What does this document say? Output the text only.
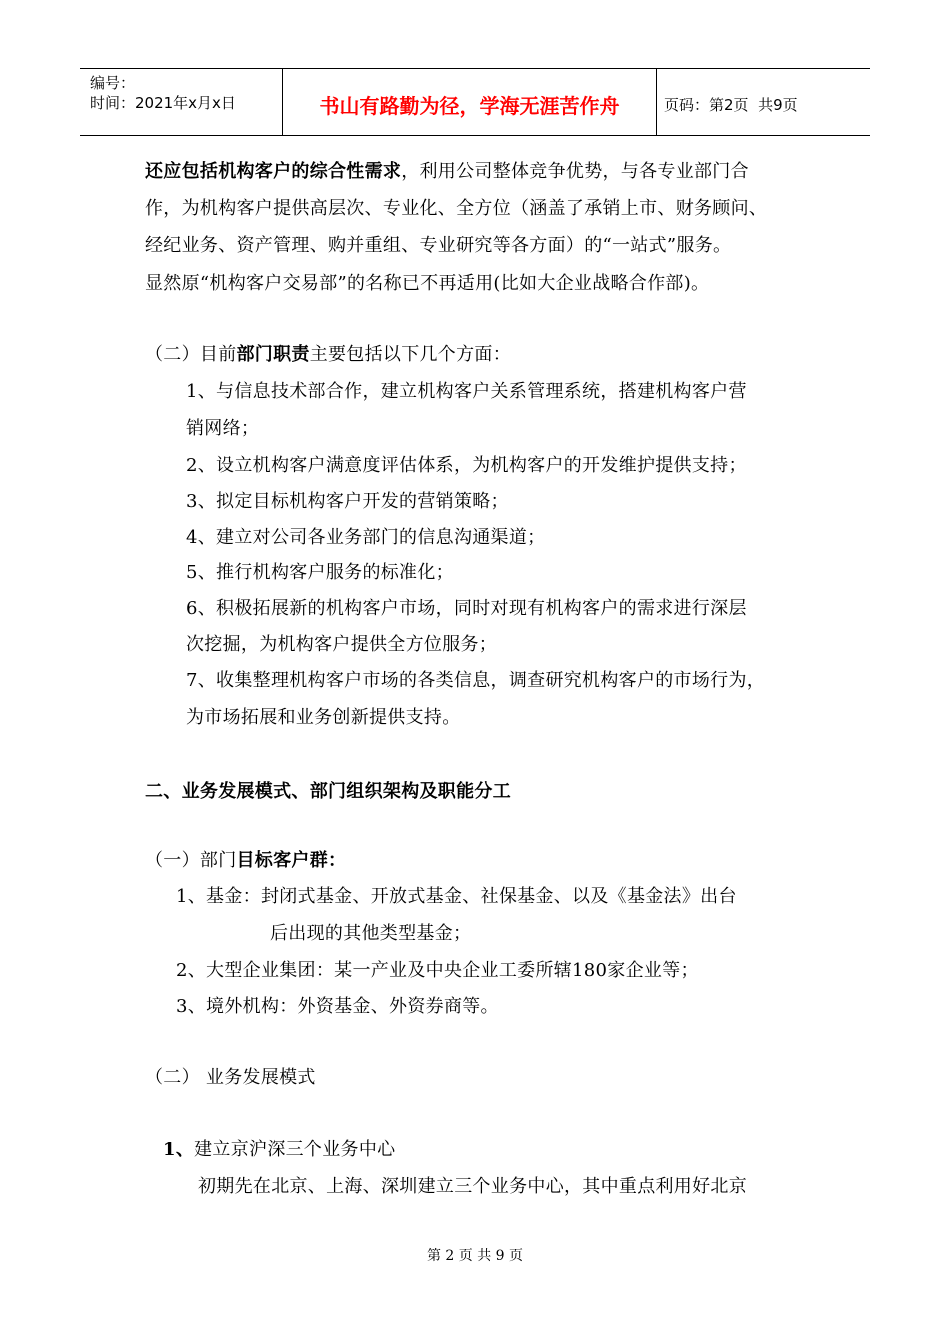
编号：
时间：2021年x月x日	书山有路勤为径，学海无涯苦作舟	页码：第2页  共9页
还应包括机构客户的综合性需求，利用公司整体竞争优势，与各专业部门合
作，为机构客户提供高层次、专业化、全方位（涵盖了承销上市、财务顾问、
经纪业务、资产管理、购并重组、专业研究等各方面）的“一站式”服务。
显然原“机构客户交易部”的名称已不再适用(比如大企业战略合作部)。
（二）目前部门职责主要包括以下几个方面：
1、与信息技术部合作，建立机构客户关系管理系统，搭建机构客户营
销网络；
2、设立机构客户满意度评估体系，为机构客户的开发维护提供支持；
3、拟定目标机构客户开发的营销策略；
4、建立对公司各业务部门的信息沟通渠道；
5、推行机构客户服务的标准化；
6、积极拓展新的机构客户市场，同时对现有机构客户的需求进行深层
次挖掘，为机构客户提供全方位服务；
7、收集整理机构客户市场的各类信息，调查研究机构客户的市场行为，
为市场拓展和业务创新提供支持。
二、业务发展模式、部门组织架构及职能分工
（一）部门目标客户群：
1、基金：封闭式基金、开放式基金、社保基金、以及《基金法》出台
后出现的其他类型基金；
2、大型企业集团：某一产业及中央企业工委所辖180家企业等；
3、境外机构：外资基金、外资券商等。
（二） 业务发展模式
1、建立京沪深三个业务中心
初期先在北京、上海、深圳建立三个业务中心，其中重点利用好北京
第 2 页 共 9 页
